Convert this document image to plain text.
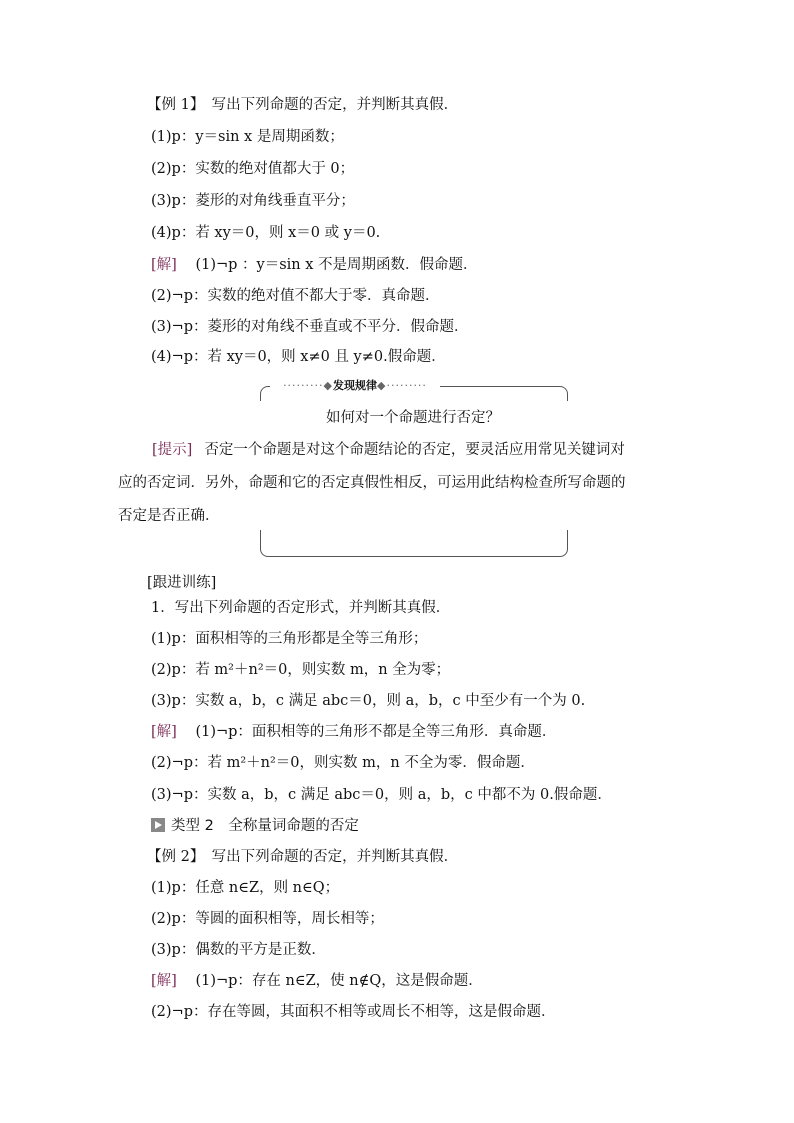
【例 1】　写出下列命题的否定，并判断其真假．
(1)p：y＝sin x 是周期函数；
(2)p：实数的绝对值都大于 0；
(3)p：菱形的对角线垂直平分；
(4)p：若 xy＝0，则 x＝0 或 y＝0.
[解] (1)¬p ：y＝sin x 不是周期函数．假命题．
(2)¬p：实数的绝对值不都大于零．真命题．
(3)¬p：菱形的对角线不垂直或不平分．假命题．
(4)¬p：若 xy＝0，则 x≠0 且 y≠0.假命题．
·········◆发现规律◆·········
如何对一个命题进行否定？
[提示] 否定一个命题是对这个命题结论的否定，要灵活应用常见关键词对
应的否定词．另外，命题和它的否定真假性相反，可运用此结构检查所写命题的
否定是否正确．
[跟进训练]
1．写出下列命题的否定形式，并判断其真假．
(1)p：面积相等的三角形都是全等三角形；
(2)p：若 m²＋n²＝0，则实数 m，n 全为零；
(3)p：实数 a，b，c 满足 abc＝0，则 a，b，c 中至少有一个为 0.
[解] (1)¬p：面积相等的三角形不都是全等三角形．真命题．
(2)¬p：若 m²＋n²＝0，则实数 m，n 不全为零．假命题．
(3)¬p：实数 a，b，c 满足 abc＝0，则 a，b，c 中都不为 0.假命题．
类型 2　全称量词命题的否定
【例 2】　写出下列命题的否定，并判断其真假．
(1)p：任意 n∈Z，则 n∈Q；
(2)p：等圆的面积相等，周长相等；
(3)p：偶数的平方是正数．
[解] (1)¬p：存在 n∈Z，使 n∉Q，这是假命题．
(2)¬p：存在等圆，其面积不相等或周长不相等，这是假命题．
